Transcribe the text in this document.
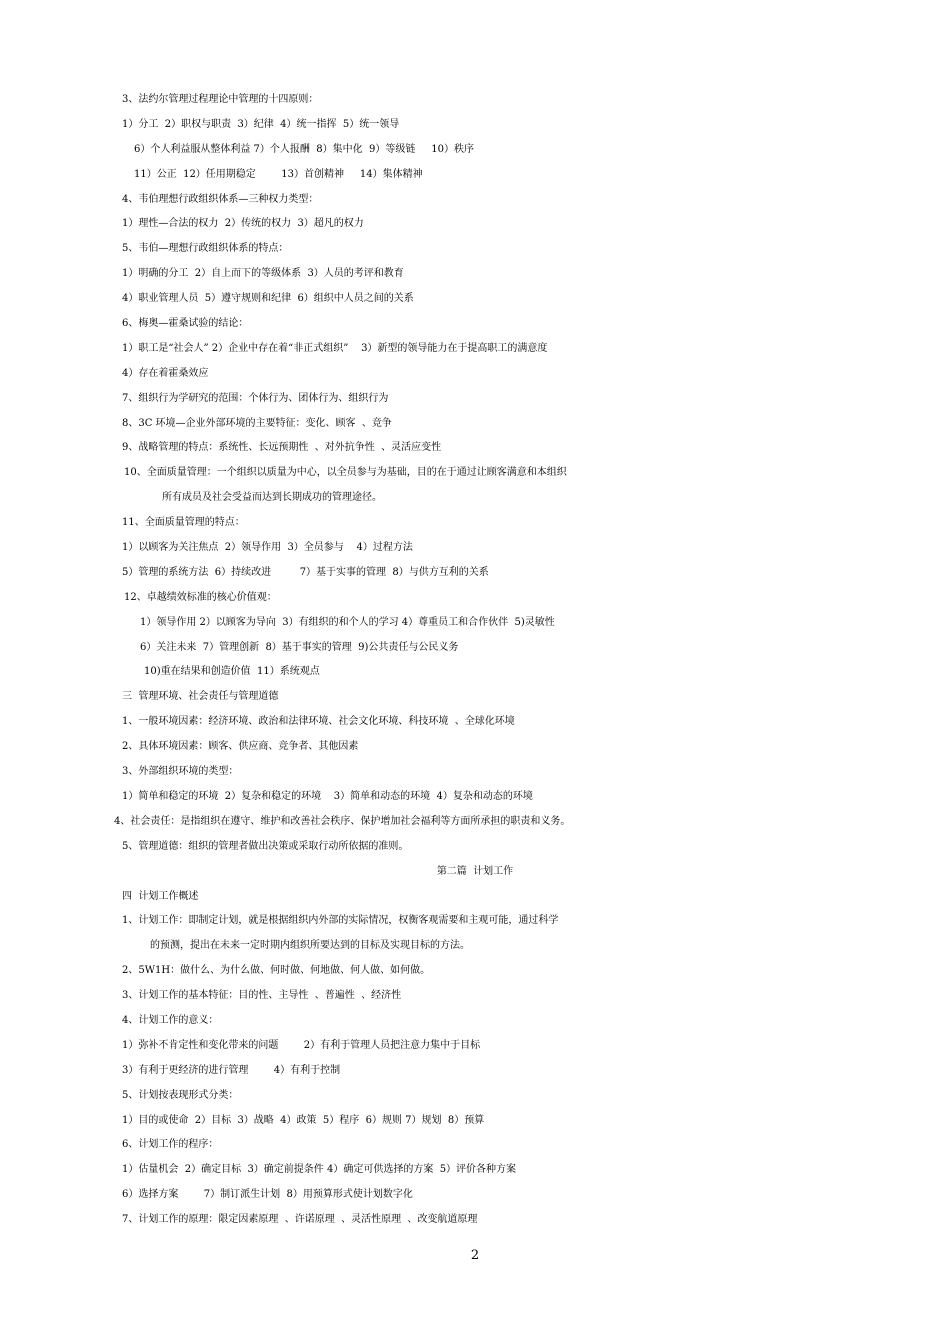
3、法约尔管理过程理论中管理的十四原则：
1）分工  2）职权与职责  3）纪律  4）统一指挥  5）统一领导
6）个人利益服从整体利益 7）个人报酬  8）集中化  9）等级链     10）秩序
11）公正  12）任用期稳定        13）首创精神     14）集体精神
4、韦伯理想行政组织体系—三种权力类型：
1）理性—合法的权力  2）传统的权力  3）超凡的权力
5、韦伯—理想行政组织体系的特点：
1）明确的分工  2）自上而下的等级体系  3）人员的考评和教育
4）职业管理人员  5）遵守规则和纪律  6）组织中人员之间的关系
6、梅奥—霍桑试验的结论：
1）职工是“社会人” 2）企业中存在着“非正式组织”    3）新型的领导能力在于提高职工的满意度
4）存在着霍桑效应
7、组织行为学研究的范围：个体行为、团体行为、组织行为
8、3C 环境—企业外部环境的主要特征：变化、顾客  、竞争
9、战略管理的特点：系统性、长远预期性  、对外抗争性  、灵活应变性
10、全面质量管理：一个组织以质量为中心，以全员参与为基础，目的在于通过让顾客满意和本组织
所有成员及社会受益而达到长期成功的管理途径。
11、全面质量管理的特点：
1）以顾客为关注焦点  2）领导作用  3）全员参与    4）过程方法
5）管理的系统方法  6）持续改进         7）基于实事的管理  8）与供方互利的关系
12、卓越绩效标准的核心价值观：
1）领导作用 2）以顾客为导向  3）有组织的和个人的学习 4）尊重员工和合作伙伴  5)灵敏性
6）关注未来  7）管理创新  8）基于事实的管理  9)公共责任与公民义务
10)重在结果和创造价值  11）系统观点
三  管理环境、社会责任与管理道德
1、一般环境因素：经济环境、政治和法律环境、社会文化环境、科技环境  、全球化环境
2、具体环境因素：顾客、供应商、竞争者、其他因素
3、外部组织环境的类型：
1）简单和稳定的环境  2）复杂和稳定的环境    3）简单和动态的环境  4）复杂和动态的环境
4、社会责任：是指组织在遵守、维护和改善社会秩序、保护增加社会福利等方面所承担的职责和义务。
5、管理道德：组织的管理者做出决策或采取行动所依据的准则。
第二篇  计划工作
四  计划工作概述
1、计划工作：即制定计划，就是根据组织内外部的实际情况，权衡客观需要和主观可能，通过科学
的预测，提出在未来一定时期内组织所要达到的目标及实现目标的方法。
2、5W1H：做什么、为什么做、何时做、何地做、何人做、如何做。
3、计划工作的基本特征：目的性、主导性  、普遍性  、经济性
4、计划工作的意义：
1）弥补不肯定性和变化带来的问题        2）有利于管理人员把注意力集中于目标
3）有利于更经济的进行管理        4）有利于控制
5、计划按表现形式分类：
1）目的或使命  2）目标  3）战略  4）政策  5）程序  6）规则 7）规划  8）预算
6、计划工作的程序：
1）估量机会  2）确定目标  3）确定前提条件 4）确定可供选择的方案  5）评价各种方案
6）选择方案        7）制订派生计划  8）用预算形式使计划数字化
7、计划工作的原理：限定因素原理  、许诺原理  、灵活性原理  、改变航道原理
2
